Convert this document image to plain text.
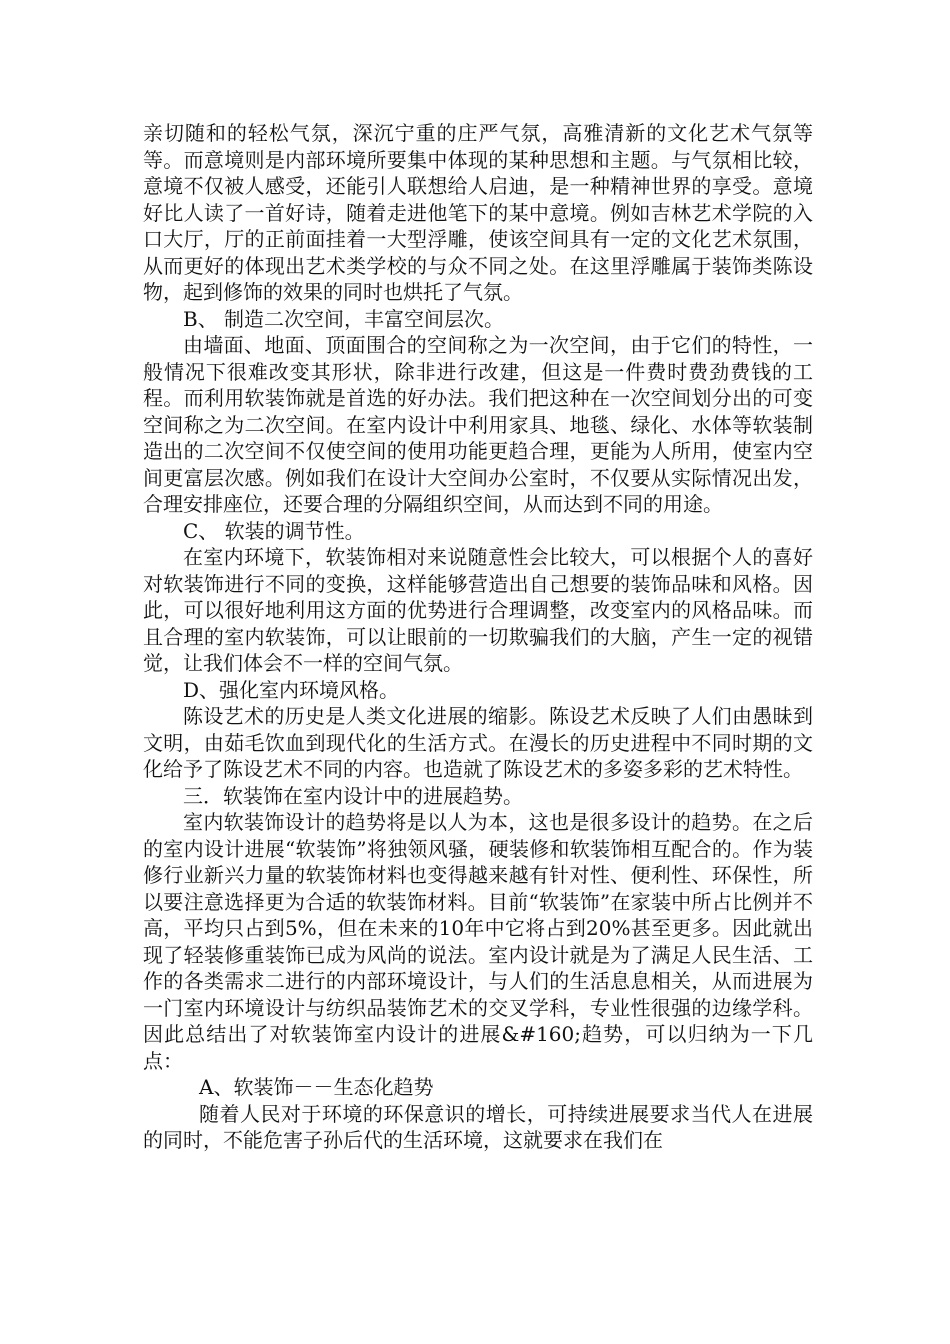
亲切随和的轻松气氛，深沉宁重的庄严气氛，高雅清新的文化艺术气氛等等。而意境则是内部环境所要集中体现的某种思想和主题。与气氛相比较，意境不仅被人感受，还能引人联想给人启迪，是一种精神世界的享受。意境好比人读了一首好诗，随着走进他笔下的某中意境。例如吉林艺术学院的入口大厅，厅的正前面挂着一大型浮雕，使该空间具有一定的文化艺术氛围，从而更好的体现出艺术类学校的与众不同之处。在这里浮雕属于装饰类陈设物，起到修饰的效果的同时也烘托了气氛。

B、 制造二次空间，丰富空间层次。

由墙面、地面、顶面围合的空间称之为一次空间，由于它们的特性，一般情况下很难改变其形状，除非进行改建，但这是一件费时费劲费钱的工程。而利用软装饰就是首选的好办法。我们把这种在一次空间划分出的可变空间称之为二次空间。在室内设计中利用家具、地毯、绿化、水体等软装制造出的二次空间不仅使空间的使用功能更趋合理，更能为人所用，使室内空间更富层次感。例如我们在设计大空间办公室时，不仅要从实际情况出发，合理安排座位，还要合理的分隔组织空间，从而达到不同的用途。

C、 软装的调节性。

在室内环境下，软装饰相对来说随意性会比较大，可以根据个人的喜好对软装饰进行不同的变换，这样能够营造出自己想要的装饰品味和风格。因此，可以很好地利用这方面的优势进行合理调整，改变室内的风格品味。而且合理的室内软装饰，可以让眼前的一切欺骗我们的大脑，产生一定的视错觉，让我们体会不一样的空间气氛。

D、强化室内环境风格。

陈设艺术的历史是人类文化进展的缩影。陈设艺术反映了人们由愚昧到文明，由茹毛饮血到现代化的生活方式。在漫长的历史进程中不同时期的文化给予了陈设艺术不同的内容。也造就了陈设艺术的多姿多彩的艺术特性。

三．软装饰在室内设计中的进展趋势。

室内软装饰设计的趋势将是以人为本，这也是很多设计的趋势。在之后的室内设计进展“软装饰”将独领风骚，硬装修和软装饰相互配合的。作为装修行业新兴力量的软装饰材料也变得越来越有针对性、便利性、环保性，所以要注意选择更为合适的软装饰材料。目前“软装饰”在家装中所占比例并不高，平均只占到5%，但在未来的10年中它将占到20%甚至更多。因此就出现了轻装修重装饰已成为风尚的说法。室内设计就是为了满足人民生活、工作的各类需求二进行的内部环境设计，与人们的生活息息相关，从而进展为一门室内环境设计与纺织品装饰艺术的交叉学科，专业性很强的边缘学科。因此总结出了对软装饰室内设计的进展&#160;趋势，可以归纳为一下几点：

A、软装饰－－生态化趋势

随着人民对于环境的环保意识的增长，可持续进展要求当代人在进展的同时，不能危害子孙后代的生活环境，这就要求在我们在
